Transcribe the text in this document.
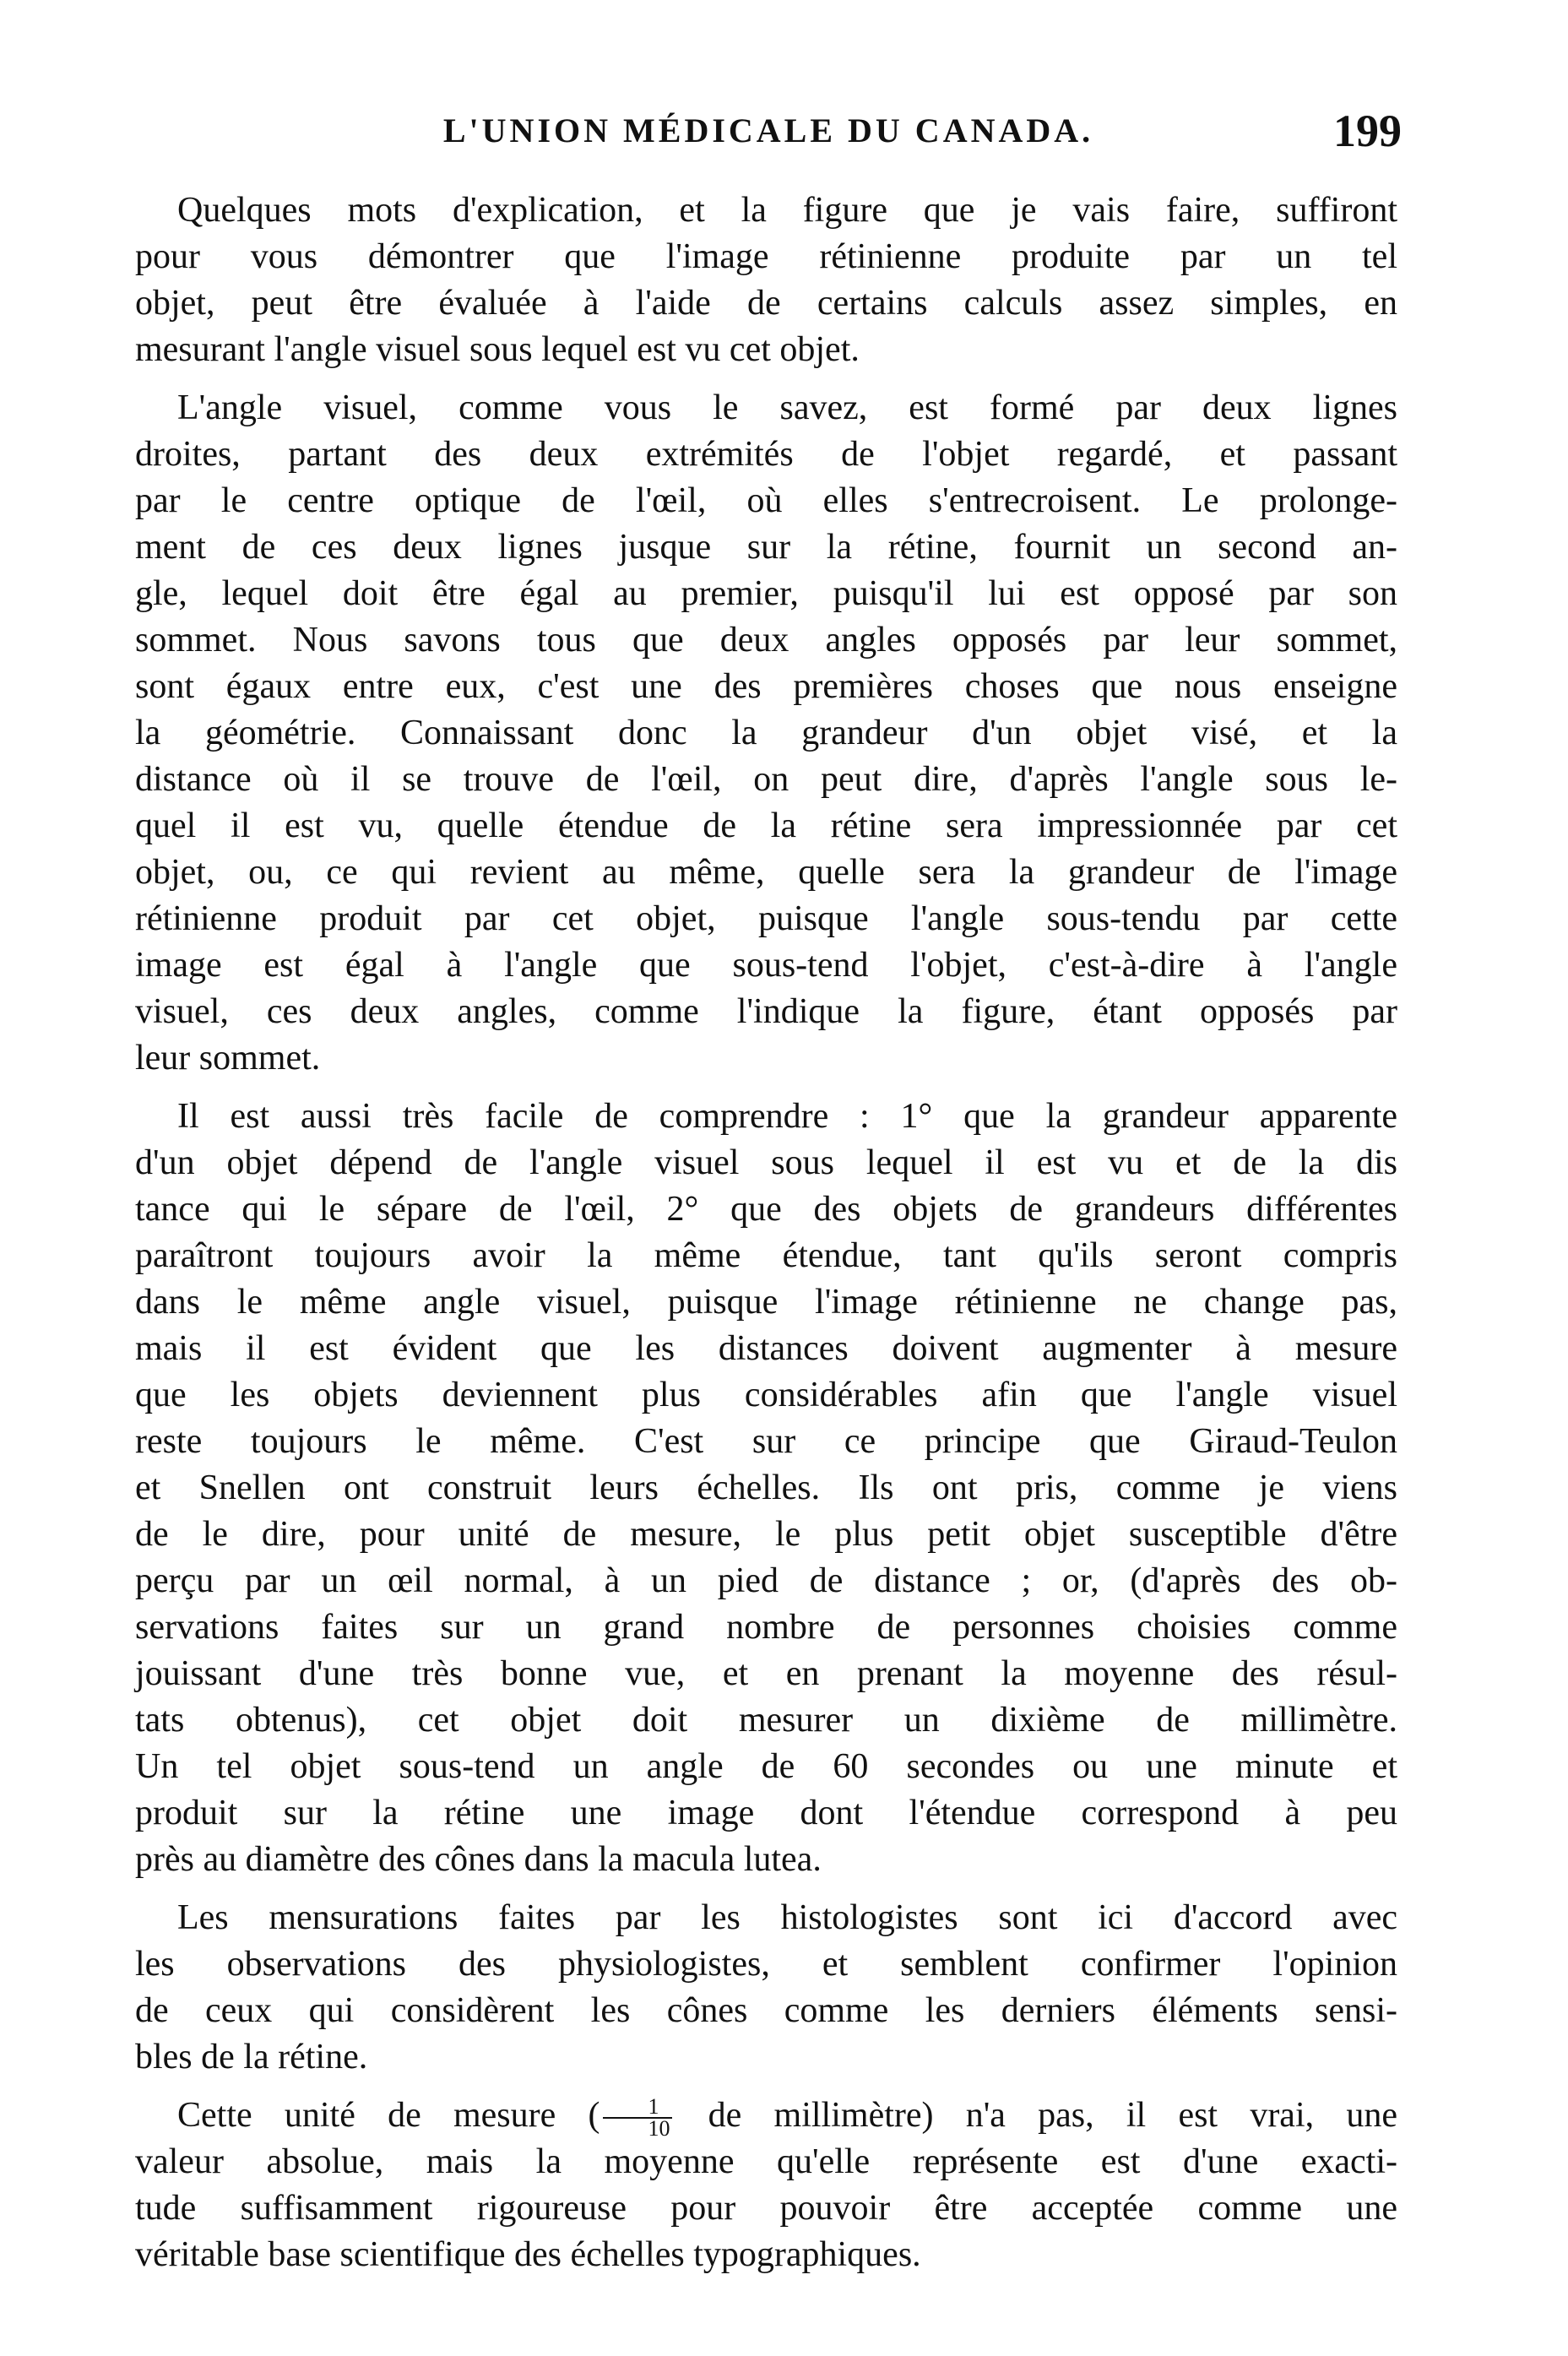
L'UNION MÉDICALE DU CANADA.	199

Quelques mots d'explication, et la figure que je vais faire, suffiront
pour vous démontrer que l'image rétinienne produite par un tel
objet, peut être évaluée à l'aide de certains calculs assez simples, en
mesurant l'angle visuel sous lequel est vu cet objet.

L'angle visuel, comme vous le savez, est formé par deux lignes
droites, partant des deux extrémités de l'objet regardé, et passant
par le centre optique de l'œil, où elles s'entrecroisent. Le prolonge-
ment de ces deux lignes jusque sur la rétine, fournit un second an-
gle, lequel doit être égal au premier, puisqu'il lui est opposé par son
sommet. Nous savons tous que deux angles opposés par leur sommet,
sont égaux entre eux, c'est une des premières choses que nous enseigne
la géométrie. Connaissant donc la grandeur d'un objet visé, et la
distance où il se trouve de l'œil, on peut dire, d'après l'angle sous le-
quel il est vu, quelle étendue de la rétine sera impressionnée par cet
objet, ou, ce qui revient au même, quelle sera la grandeur de l'image
rétinienne produit par cet objet, puisque l'angle sous-tendu par cette
image est égal à l'angle que sous-tend l'objet, c'est-à-dire à l'angle
visuel, ces deux angles, comme l'indique la figure, étant opposés par
leur sommet.

Il est aussi très facile de comprendre : 1° que la grandeur apparente
d'un objet dépend de l'angle visuel sous lequel il est vu et de la dis
tance qui le sépare de l'œil, 2° que des objets de grandeurs différentes
paraîtront toujours avoir la même étendue, tant qu'ils seront compris
dans le même angle visuel, puisque l'image rétinienne ne change pas,
mais il est évident que les distances doivent augmenter à mesure
que les objets deviennent plus considérables afin que l'angle visuel
reste toujours le même. C'est sur ce principe que Giraud-Teulon
et Snellen ont construit leurs échelles. Ils ont pris, comme je viens
de le dire, pour unité de mesure, le plus petit objet susceptible d'être
perçu par un œil normal, à un pied de distance ; or, (d'après des ob-
servations faites sur un grand nombre de personnes choisies comme
jouissant d'une très bonne vue, et en prenant la moyenne des résul-
tats obtenus), cet objet doit mesurer un dixième de millimètre.
Un tel objet sous-tend un angle de 60 secondes ou une minute et
produit sur la rétine une image dont l'étendue correspond à peu
près au diamètre des cônes dans la macula lutea.

Les mensurations faites par les histologistes sont ici d'accord avec
les observations des physiologistes, et semblent confirmer l'opinion
de ceux qui considèrent les cônes comme les derniers éléments sensi-
bles de la rétine.

Cette unité de mesure ( $\frac{1}{10}$ de millimètre) n'a pas, il est vrai, une
valeur absolue, mais la moyenne qu'elle représente est d'une exacti-
tude suffisamment rigoureuse pour pouvoir être acceptée comme une
véritable base scientifique des échelles typographiques.
